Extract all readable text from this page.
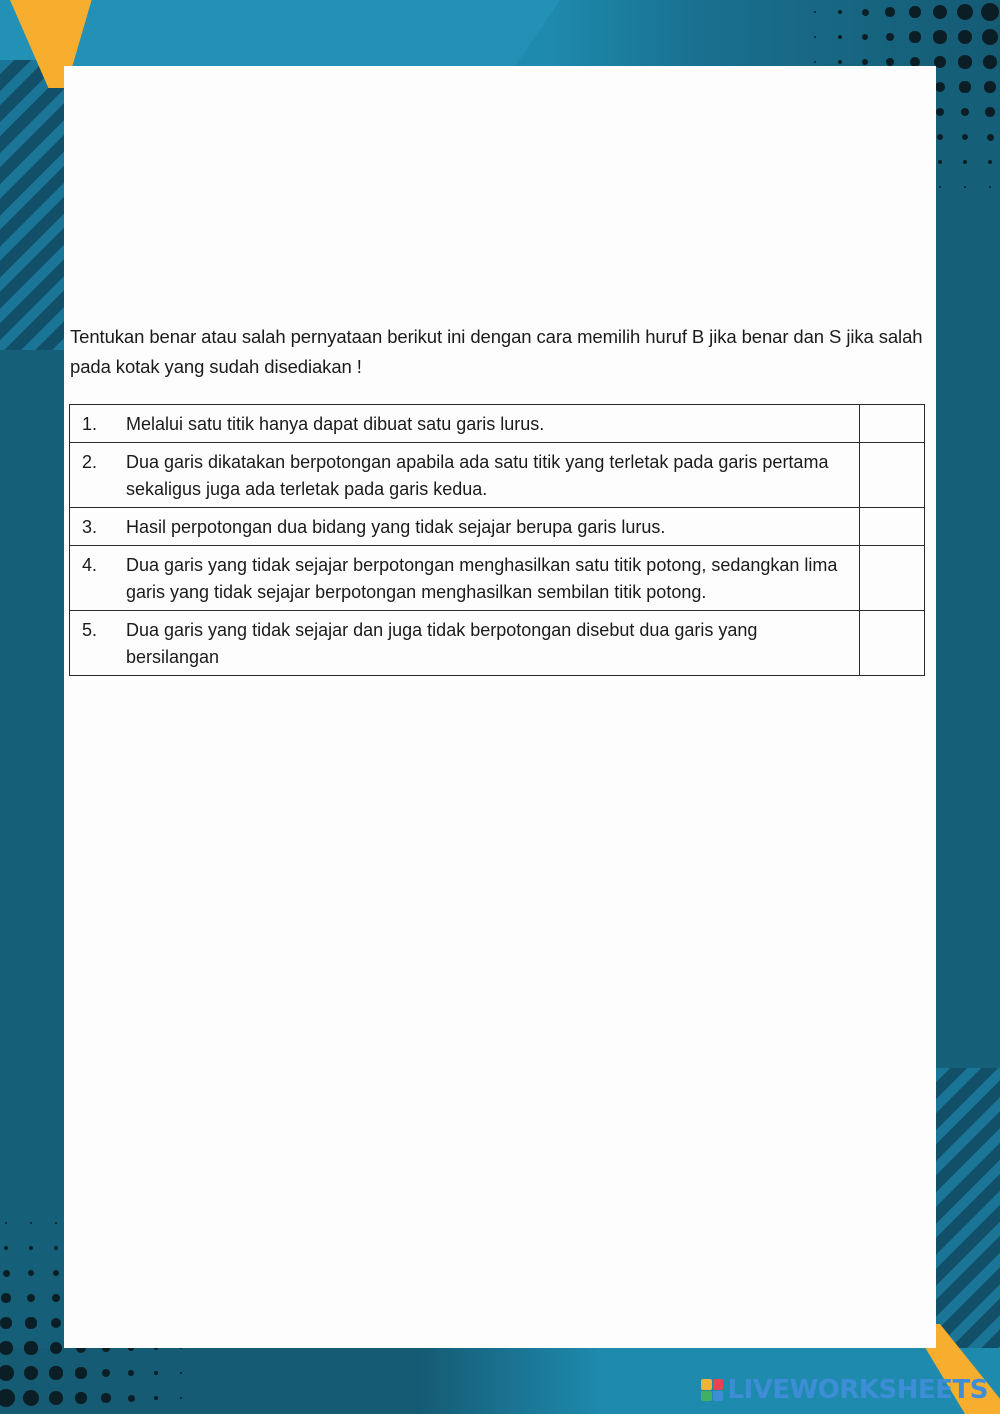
Tentukan benar atau salah pernyataan berikut ini dengan cara memilih huruf B jika benar dan S jika salah pada kotak yang sudah disediakan !

1. Melalui satu titik hanya dapat dibuat satu garis lurus.	
2. Dua garis dikatakan berpotongan apabila ada satu titik yang terletak pada garis pertama sekaligus juga ada terletak pada garis kedua.	
3. Hasil perpotongan dua bidang yang tidak sejajar berupa garis lurus.	
4. Dua garis yang tidak sejajar berpotongan menghasilkan satu titik potong, sedangkan lima garis yang tidak sejajar berpotongan menghasilkan sembilan titik potong.	
5. Dua garis yang tidak sejajar dan juga tidak berpotongan disebut dua garis yang bersilangan	
LIVEWORKSHEETS
